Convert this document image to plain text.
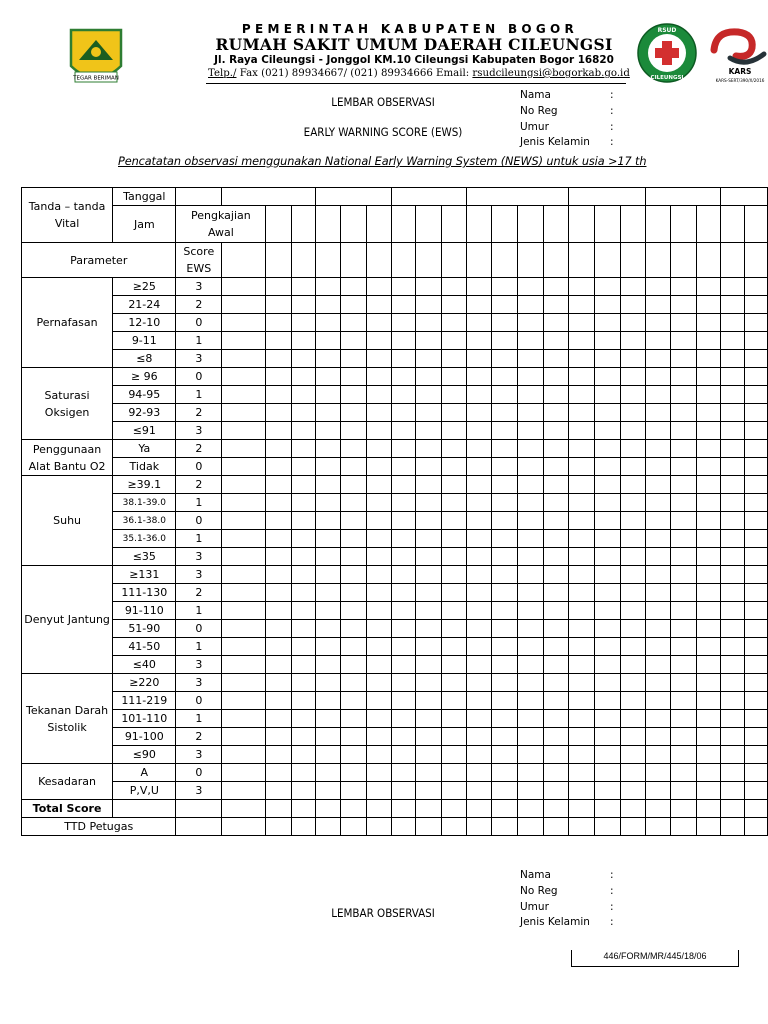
TEGAR BERIMAN
PEMERINTAH KABUPATEN BOGOR
RUMAH SAKIT UMUM DAERAH CILEUNGSI
Jl. Raya Cileungsi - Jonggol KM.10 Cileungsi Kabupaten Bogor 16820
Telp./ Fax (021) 89934667/ (021) 89934666 Email: rsudcileungsi@bogorkab.go.id
RSUD
CILEUNGSI
KARS
KARS-SERT/390/X/2016
LEMBAR OBSERVASI
EARLY WARNING SCORE (EWS)
Nama	:
No Reg	:
Umur	:
Jenis Kelamin :
Pencatatan observasi menggunakan National Early Warning System (NEWS) untuk usia >17 th
Tanda – tanda Vital	Tanggal																						
	Jam	Pengkajian Awal																					
Parameter		Score EWS																					
Pernafasan	≥25	3																					
	21-24	2																					
	12-10	0																					
	9-11	1																					
	≤8	3																					
Saturasi Oksigen	≥ 96	0																					
	94-95	1																					
	92-93	2																					
	≤91	3																					
Penggunaan Alat Bantu O2	Ya	2																					
	Tidak	0																					
Suhu	≥39.1	2																					
	38.1-39.0	1																					
	36.1-38.0	0																					
	35.1-36.0	1																					
	≤35	3																					
Denyut Jantung	≥131	3																					
	111-130	2																					
	91-110	1																					
	51-90	0																					
	41-50	1																					
	≤40	3																					
Tekanan Darah Sistolik	≥220	3																					
	111-219	0																					
	101-110	1																					
	91-100	2																					
	≤90	3																					
Kesadaran	A	0																					
	P,V,U	3																					
Total Score																							
TTD Petugas																							
LEMBAR OBSERVASI
Nama	:
No Reg	:
Umur	:
Jenis Kelamin :
446/FORM/MR/445/18/06
